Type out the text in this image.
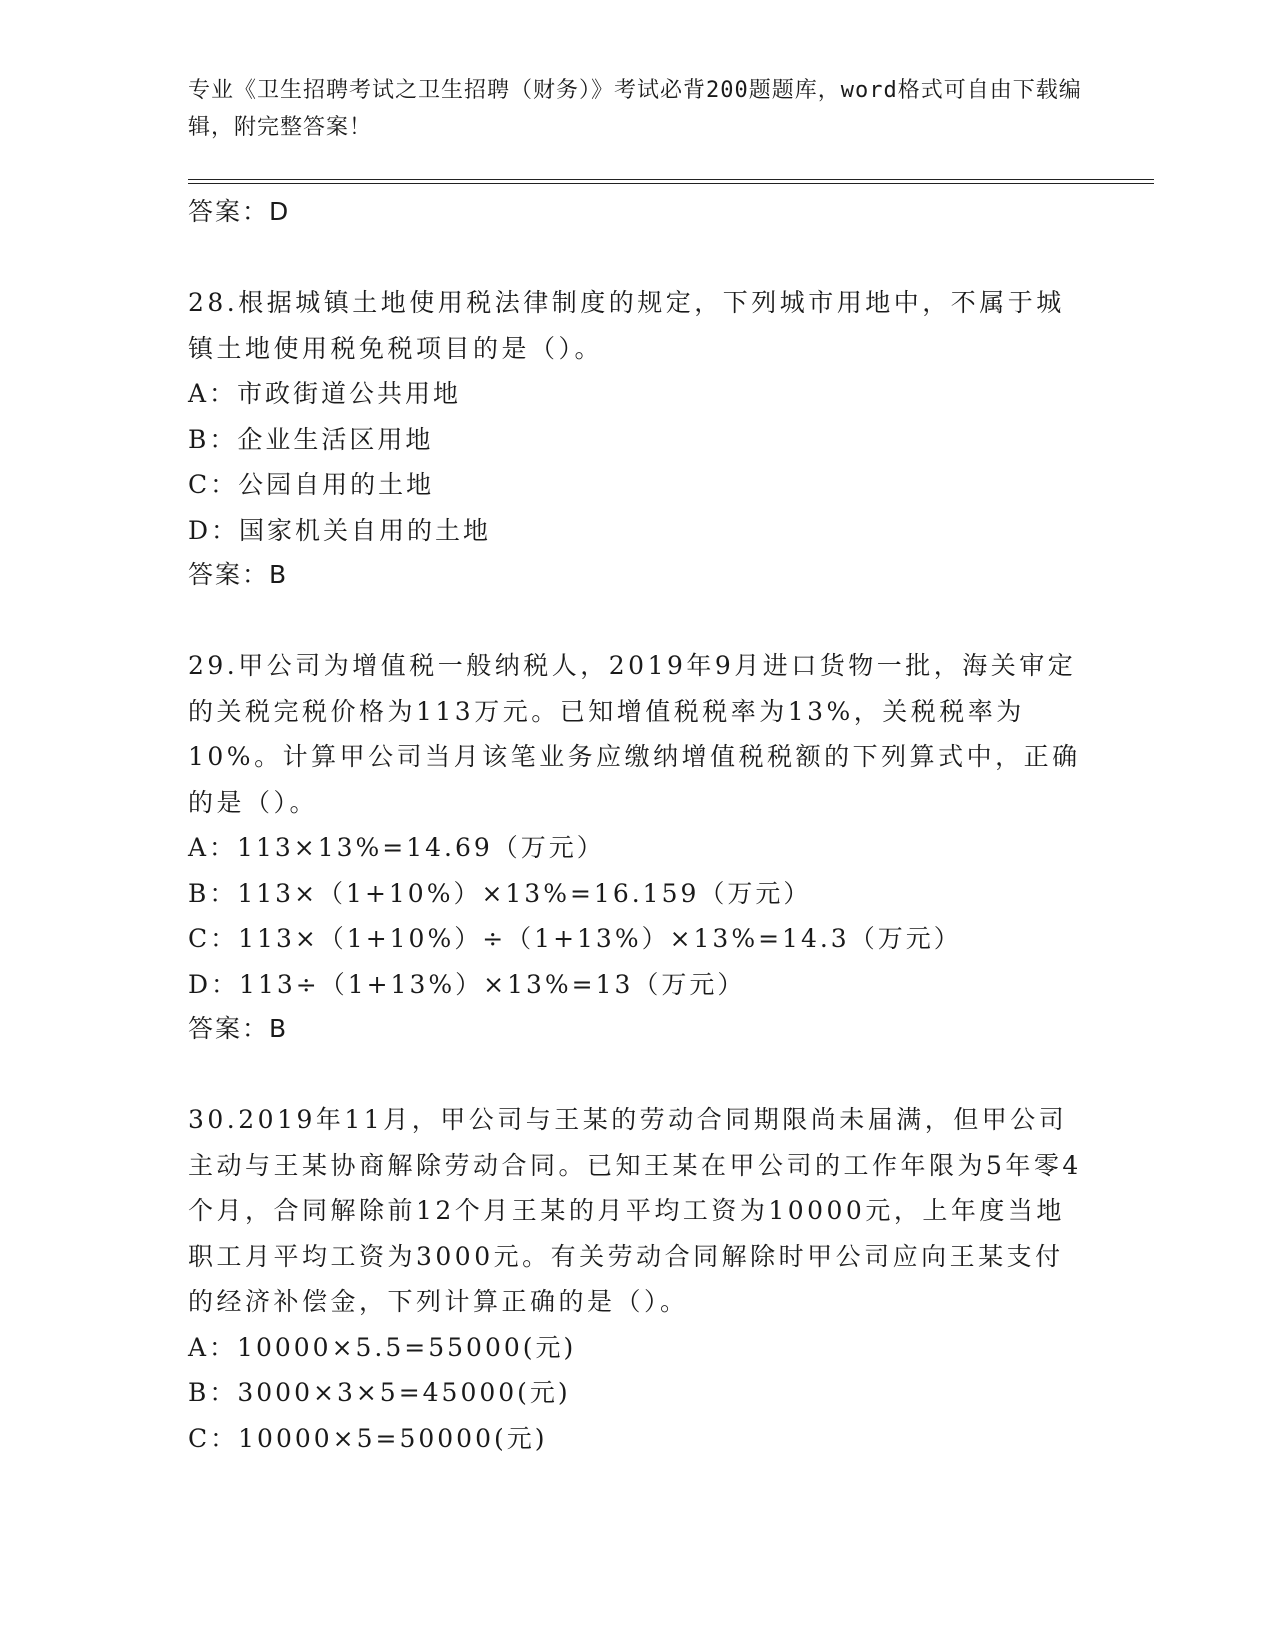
专业《卫生招聘考试之卫生招聘（财务）》考试必背200题题库，word格式可自由下载编辑，附完整答案！
答案：D
28.根据城镇土地使用税法律制度的规定，下列城市用地中，不属于城镇土地使用税免税项目的是（）。
A：市政街道公共用地
B：企业生活区用地
C：公园自用的土地
D：国家机关自用的土地
答案：B
29.甲公司为增值税一般纳税人，2019年9月进口货物一批，海关审定的关税完税价格为113万元。已知增值税税率为13%，关税税率为10%。计算甲公司当月该笔业务应缴纳增值税税额的下列算式中，正确的是（）。
A：113×13%=14.69（万元）
B：113×（1+10%）×13%=16.159（万元）
C：113×（1+10%）÷（1+13%）×13%=14.3（万元）
D：113÷（1+13%）×13%=13（万元）
答案：B
30.2019年11月，甲公司与王某的劳动合同期限尚未届满，但甲公司主动与王某协商解除劳动合同。已知王某在甲公司的工作年限为5年零4个月，合同解除前12个月王某的月平均工资为10000元，上年度当地职工月平均工资为3000元。有关劳动合同解除时甲公司应向王某支付的经济补偿金，下列计算正确的是（）。
A：10000×5.5=55000(元)
B：3000×3×5=45000(元)
C：10000×5=50000(元)
